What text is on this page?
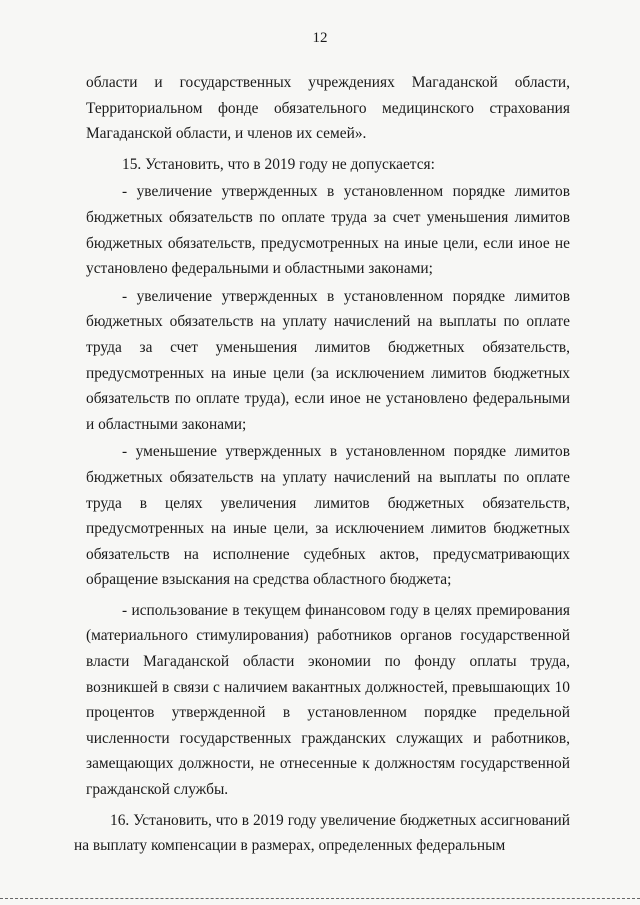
12

области и государственных учреждениях Магаданской области, Территориальном фонде обязательного медицинского страхования Магаданской области, и членов их семей».

15. Установить, что в 2019 году не допускается:

- увеличение утвержденных в установленном порядке лимитов бюджетных обязательств по оплате труда за счет уменьшения лимитов бюджетных обязательств, предусмотренных на иные цели, если иное не установлено федеральными и областными законами;

- увеличение утвержденных в установленном порядке лимитов бюджетных обязательств на уплату начислений на выплаты по оплате труда за счет уменьшения лимитов бюджетных обязательств, предусмотренных на иные цели (за исключением лимитов бюджетных обязательств по оплате труда), если иное не установлено федеральными и областными законами;

- уменьшение утвержденных в установленном порядке лимитов бюджетных обязательств на уплату начислений на выплаты по оплате труда в целях увеличения лимитов бюджетных обязательств, предусмотренных на иные цели, за исключением лимитов бюджетных обязательств на исполнение судебных актов, предусматривающих обращение взыскания на средства областного бюджета;

- использование в текущем финансовом году в целях премирования (материального стимулирования) работников органов государственной власти Магаданской области экономии по фонду оплаты труда, возникшей в связи с наличием вакантных должностей, превышающих 10 процентов утвержденной в установленном порядке предельной численности государственных гражданских служащих и работников, замещающих должности, не отнесенные к должностям государственной гражданской службы.

16. Установить, что в 2019 году увеличение бюджетных ассигнований на выплату компенсации в размерах, определенных федеральным
